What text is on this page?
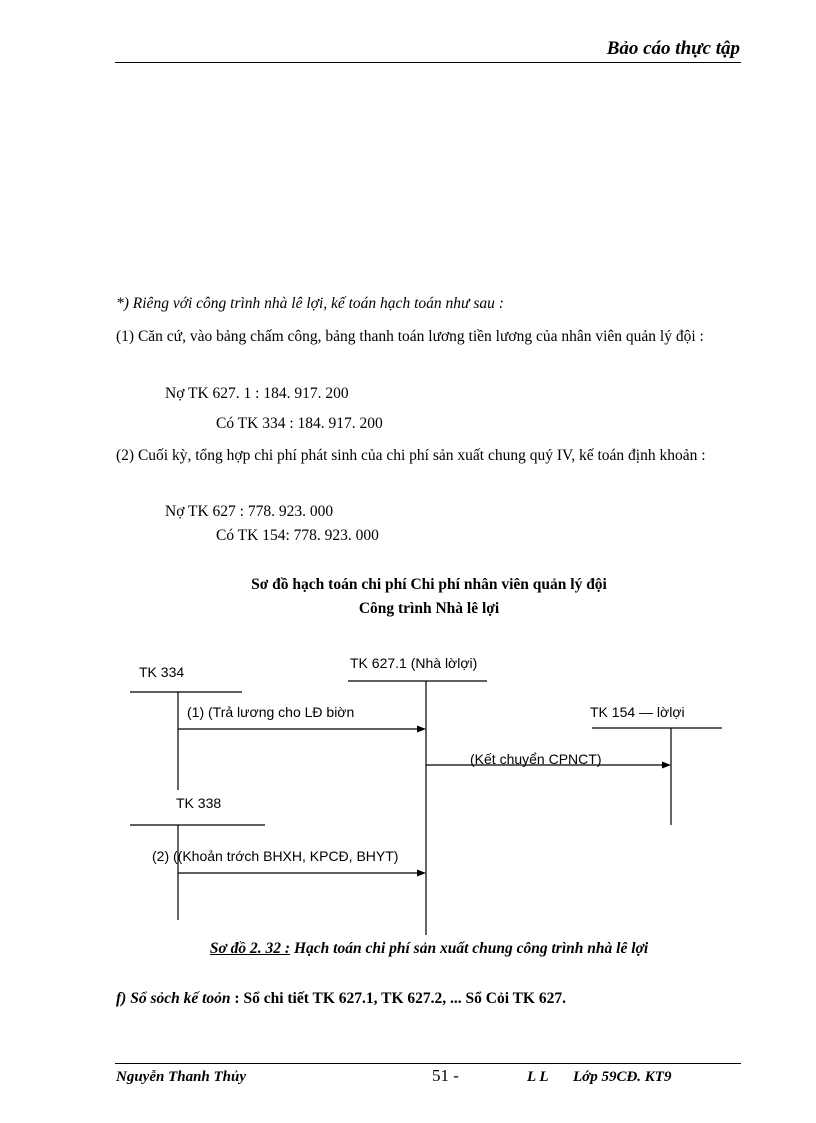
Bảo cáo thực tập
*) Riêng với công trình nhà lê lợi, kế toán hạch toán như sau :
(1) Căn cứ, vào bảng chấm công, bảng thanh toán lương tiền lương của nhân viên quản lý đội :
Nợ TK 627. 1 : 184. 917. 200
Có TK 334 : 184. 917. 200
(2) Cuối kỳ, tổng hợp chi phí phát sinh của chi phí sản xuất chung quý IV, kế toán định khoản :
Nợ TK 627 : 778. 923. 000
Có TK 154: 778. 923. 000
Sơ đồ hạch toán chi phí Chi phí nhân viên quản lý đội
Công trình Nhà lê lợi
TK 334
TK 627.1 (Nhà lờlợi)
TK 154 — lờlợi
TK 338
(1) (Trả lương cho LĐ biờn
(Kết chuyển CPNCT)
(2) ((Khoản trớch BHXH, KPCĐ, BHYT)
Sơ đồ 2. 32 : Hạch toán chi phí sản xuất chung công trình nhà lê lợi
f) Sổ sỏch kế toỏn : Sổ chi tiết TK 627.1, TK 627.2, ... Sổ Cỏi TK 627.
Nguyễn Thanh Thủy	51 -	L L Lớp 59CĐ. KT9
